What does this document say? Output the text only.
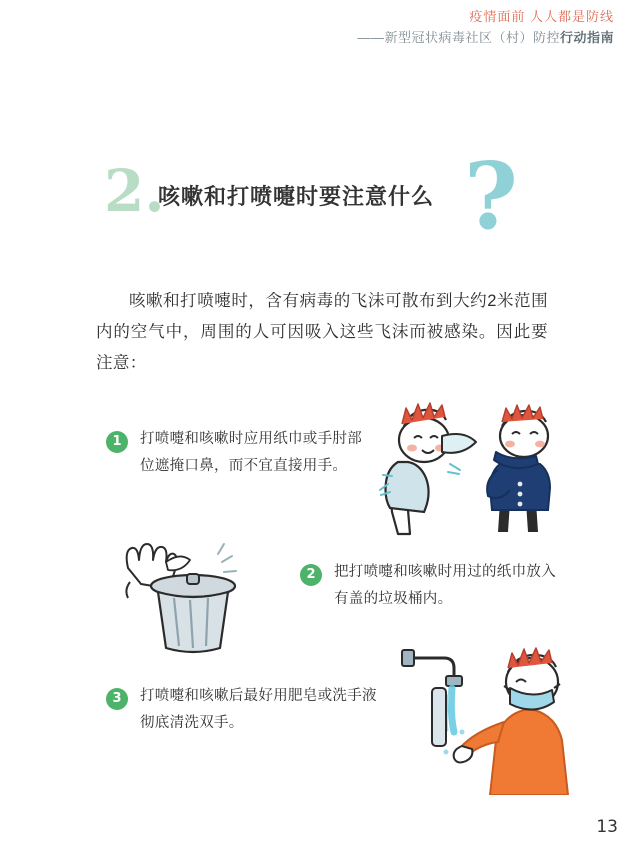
疫情面前 人人都是防线
——新型冠状病毒社区（村）防控行动指南
2.
咳嗽和打喷嚏时要注意什么 ?
咳嗽和打喷嚏时，含有病毒的飞沫可散布到大约2米范围内的空气中，周围的人可因吸入这些飞沫而被感染。因此要注意：
1	打喷嚏和咳嗽时应用纸巾或手肘部位遮掩口鼻，而不宜直接用手。
2	把打喷嚏和咳嗽时用过的纸巾放入有盖的垃圾桶内。
3	打喷嚏和咳嗽后最好用肥皂或洗手液彻底清洗双手。
13
